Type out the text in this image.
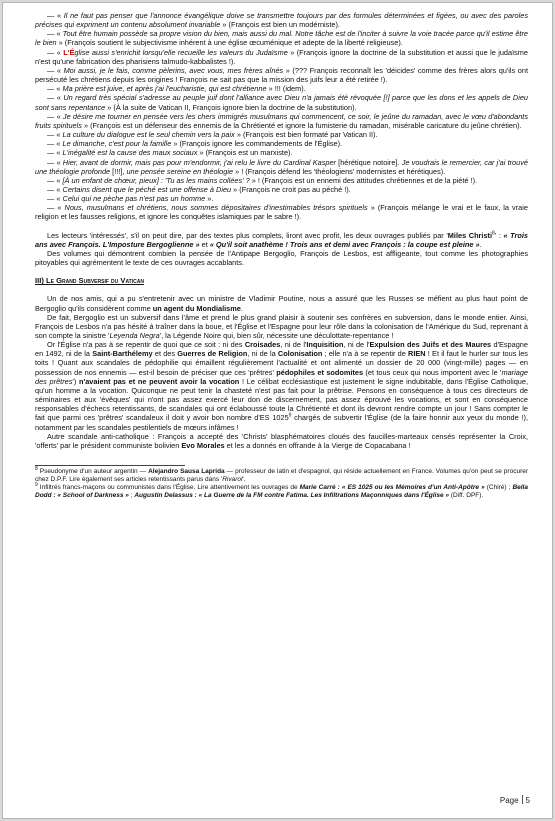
— « Il ne faut pas penser que l'annonce évangélique doive se transmettre toujours par des formules déterminées et figées, ou avec des paroles précises qui expriment un contenu absolument invariable » (François est bien un modérniste).

— « Tout être humain possède sa propre vision du bien, mais aussi du mal. Notre tâche est de l'inciter à suivre la voie tracée parce qu'il estime être le bien » (François soutient le subjectivisme inhérent à une église œcuménique et adepte de la liberté religieuse).

— « L'Église aussi s'enrichit lorsqu'elle recueille les valeurs du Judaïsme » (François ignore la doctrine de la substitution et aussi que le judaïsme n'est qu'une fabrication des pharisiens talmudo-kabbalistes !).

— « Moi aussi, je le fais, comme pèlerins, avec vous, mes frères aînés » (??? François reconnaît les 'déicides' comme des frères alors qu'ils ont persécuté les chrétiens depuis les origines ! François ne sait pas que la mission des juifs leur a été retirée !).

— « Ma prière est juive, et après j'ai l'eucharistie, qui est chrétienne » !!! (idem).

— « Un regard très spécial s'adresse au peuple juif dont l'alliance avec Dieu n'a jamais été révoquée [!] parce que les dons et les appels de Dieu sont sans repentance » (À la suite de Vatican II, François ignore bien la doctrine de la substitution).

— « Je désire me tourner en pensée vers les chers immigrés musulmans qui commencent, ce soir, le jeûne du ramadan, avec le vœu d'abondants fruits spirituels » (François est un défenseur des ennemis de la Chrétienté et ignore la fumisterie du ramadan, misérable caricature du jeûne chrétien).

— « La culture du dialogue est le seul chemin vers la paix » (François est bien formaté par Vatican II).

— « Le dimanche, c'est pour la famille » (François ignore les commandements de l'Église).

— « L'inégalité est la cause des maux sociaux » (François est un marxiste).

— « Hier, avant de dormir, mais pas pour m'endormir, j'ai relu le livre du Cardinal Kasper [hérétique notoire]. Je voudrais le remercier, car j'ai trouvé une théologie profonde [!!!], une pensée sereine en théologie » ! (François défend les 'théologiens' modernistes et hérétiques).

— « [À un enfant de chœur, pieux] : 'Tu as les mains collées' ? » ! (François est un ennemi des attitudes chrétiennes et de la piété !).

— « Certains disent que le péché est une offense à Dieu » (François ne croit pas au péché !).

— « Celui qui ne pèche pas n'est pas un homme ».

— « Nous, musulmans et chrétiens, nous sommes dépositaires d'inestimables trésors spirituels » (François mélange le vrai et le faux, la vraie religion et les fausses religions, et ignore les conquêtes islamiques par le sabre !).

Les lecteurs 'intéressés', s'il on peut dire, par des textes plus complets, liront avec profit, les deux ouvrages publiés par 'Miles Christi$^8$' : « Trois ans avec François. L'Imposture Bergoglienne » et « Qu'il soit anathème ! Trois ans et demi avec François : la coupe est pleine ».

Des volumes qui démontrent combien la pensée de l'Antipape Bergoglio, François de Lesbos, est affligeante, tout comme les photographies pitoyables qui agrémentent le texte de ces ouvrages accablants.

III) Le Grand Subversif du Vatican

Un de nos amis, qui a pu s'entretenir avec un ministre de Vladimir Poutine, nous a assuré que les Russes se méfient au plus haut point de Bergoglio qu'ils considèrent comme un agent du Mondialisme.

De fait, Bergoglio est un subversif dans l'âme et prend le plus grand plaisir à soutenir ses confrères en subversion, dans le monde entier. Ainsi, François de Lesbos n'a pas hésité à traîner dans la boue, et l'Église et l'Espagne pour leur rôle dans la colonisation de l'Amérique du Sud, reprenant à son compte la sinistre 'Leyenda Negra', la Légende Noire qui, bien sûr, nécessite une déculottate-repentance !

Or l'Église n'a pas à se repentir de quoi que ce soit : ni des Croisades, ni de l'Inquisition, ni de l'Expulsion des Juifs et des Maures d'Espagne en 1492, ni de la Saint-Barthélemy et des Guerres de Religion, ni de la Colonisation ; elle n'a à se repentir de RIEN ! Et il faut le hurler sur tous les toits ! Quant aux scandales de pédophilie qui émaillent régulièrement l'actualité et ont alimenté un dossier de 20 000 (vingt-mille) pages — en possession de nos ennemis — est-il besoin de préciser que ces 'prêtres' pédophiles et sodomites (et tous ceux qui nous importent avec le 'mariage des prêtres') n'avaient pas et ne peuvent avoir la vocation ! Le célibat ecclésiastique est justement le signe indubitable, dans l'Église Catholique, qu'un homme a la vocation. Quiconque ne peut tenir la chasteté n'est pas fait pour la prêtrise. Pensons en conséquence à tous ces directeurs de séminaires et aux 'évêques' qui n'ont pas assez exercé leur don de discernement, pas assez éprouvé les vocations, et sont en conséquence responsables d'échecs retentissants, de scandales qui ont éclaboussé toute la Chrétienté et dont ils devront rendre compte un jour ! Sans compter le fait que parmi ces 'prêtres' scandaleux il doit y avoir bon nombre d'ES 1025$^9$ chargés de subvertir l'Église (de la faire honnir aux yeux du monde !), notamment par les scandales pestilentiels de mœurs infâmes !

Autre scandale anti-catholique : François a accepté des 'Christs' blasphématoires cloués des faucilles-marteaux censés représenter la Croix, 'offerts' par le président communiste bolivien Evo Morales et les a donnés en offrande à la Vierge de Copacabana !

$^8$ Pseudonyme d'un auteur argentin — Alejandro Sausa Laprida — professeur de latin et d'espagnol, qui réside actuellement en France. Volumes qu'on peut se procurer chez D.P.F. Lire également ses articles retentissants parus dans 'Rivarol'.

$^9$ Infiltrés francs-maçons ou communistes dans l'Église. Lire attentivement les ouvrages de Marie Carré : « ES 1025 ou les Mémoires d'un Anti-Apôtre » (Chiré) ; Bella Dodd : « School of Darkness » ; Augustin Delassus : « La Guerre de la FM contre Fatima. Les Infiltrations Maçonniques dans l'Église » (Diff. DPF).

Page 5
